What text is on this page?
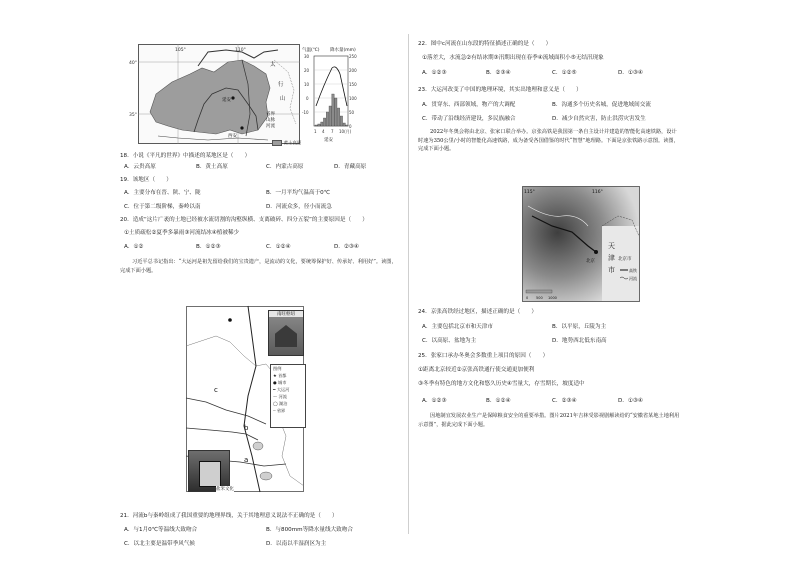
105°	110°
40°
35°
延安
西安
太
行
山
省界
山脉
河流
黄土高原
气温(℃) 降水量(mm)
30
20
10
0
-10
250
200
150
100
50
0
1 4 7 10(月)
延安
18．小说《平凡的世界》中描述的某地区是（　　）
A．云贵高原	B．黄土高原	C．内蒙古高原	D．青藏高原
19．该地区（　　）
A．主要分布在晋、陕、宁、陇	B．一月平均气温高于0℃
C．位于第二级阶梯，秦岭以南	D．河流众多，径小而流急
20．造成“这片广袤的土地已经被水流切割的沟壑纵横、支离破碎、四分五裂”的主要原因是（　　）
①土质疏松②夏季多暴雨③河流结冰④植被稀少
A．①②	B．①②③	C．①②④	D．②③④
习近平总书记指出：“大运河是祖先留给我们的宝贵遗产，是流动的文化，要统筹保护好、传承好、利用好”。读图，完成下面小题。
b
a
c
南旺枢纽
图例
★ 首都
● 城市
━ 大运河
～ 河流
◯ 湖泊
┄ 省界
盐米文化
21．河流b与秦岭组成了我国重要的地理界线，关于其地理意义说法不正确的是（　　）
A．与1月0℃等温线大致吻合	B．与800mm等降水量线大致吻合
C．以北主要是温带季风气候	D．以南以半湿润区为主
22．图中c河流在山东段的特征描述正确的是（　　）
①落差大，水流急②有结冰期③汛期出现在春季④流域面积小⑤无结汛现象
A．①②③	B．②③④	C．①②⑤	D．①③④
23．大运河改变了中国的地理环境，其实出地理和意义是（　　）
A．贯穿东、西部领域，物产的大调配	B．沟通多个历史名城，促进地域间交流
C．带动了沿线经济建设，多民族融合	D．减少自然灾害，防止洪涝灾害发生
2022年冬奥会将由北京、张家口联合举办。京张高铁是我国第一条自主设计并建造的智能化高速铁路，设计时速为350公里/小时的智能化高速铁路，成为备受各国借鉴的时代“智慧”地理路。下面是京张铁路示意图。读图，完成下面小题。
115°	116°
北京
天
津
市
北京市
高铁
河流
0 500 1000
24．京张高铁经过地区，描述正确的是（　　）
A．主要包括北京市和天津市	B．以平原，丘陵为主
C．以高原、盆地为主	D．地势西北低东南高
25．张家口承办冬奥会多数重上项目的原因（　　）
①距离北京较近②京张高铁通行使交通更加便利
③冬季有特色的地方文化和悠久历史④雪量大，存雪期长，坡度适中
A．①②③	B．①②④	C．②③④	D．①③④
因地制宜发展农业生产是保障粮食安全的重要举措。图片2021年吉林受影视剧解读给的“安徽省某地土地利用示意图”，据此完成下面小题。
